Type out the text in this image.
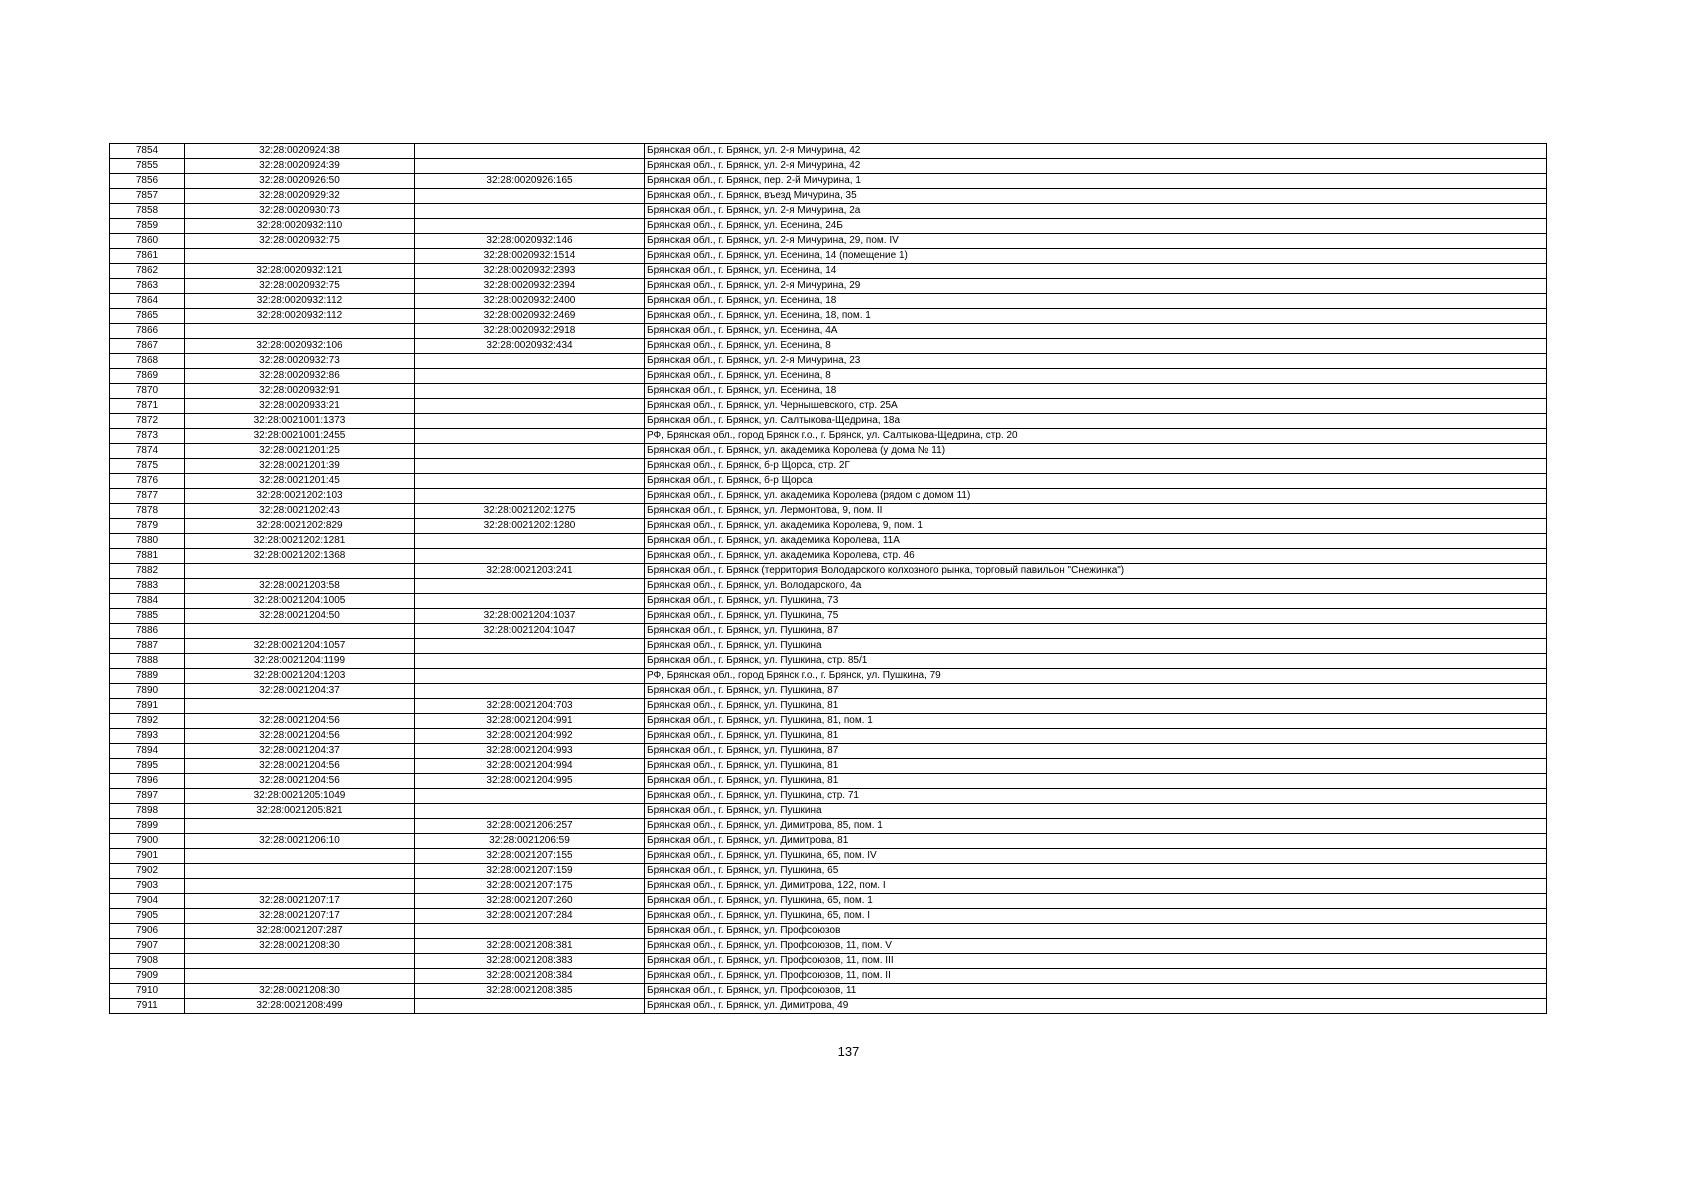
7854	32:28:0020924:38		Брянская обл., г. Брянск, ул. 2-я Мичурина, 42
7855	32:28:0020924:39		Брянская обл., г. Брянск, ул. 2-я Мичурина, 42
7856	32:28:0020926:50	32:28:0020926:165	Брянская обл., г. Брянск, пер. 2-й Мичурина, 1
7857	32:28:0020929:32		Брянская обл., г. Брянск, въезд Мичурина, 35
7858	32:28:0020930:73		Брянская обл., г. Брянск, ул. 2-я Мичурина, 2а
7859	32:28:0020932:110		Брянская обл., г. Брянск, ул. Есенина, 24Б
7860	32:28:0020932:75	32:28:0020932:146	Брянская обл., г. Брянск, ул. 2-я Мичурина, 29, пом. IV
7861		32:28:0020932:1514	Брянская обл., г. Брянск, ул. Есенина, 14 (помещение 1)
7862	32:28:0020932:121	32:28:0020932:2393	Брянская обл., г. Брянск, ул. Есенина, 14
7863	32:28:0020932:75	32:28:0020932:2394	Брянская обл., г. Брянск, ул. 2-я Мичурина, 29
7864	32:28:0020932:112	32:28:0020932:2400	Брянская обл., г. Брянск, ул. Есенина, 18
7865	32:28:0020932:112	32:28:0020932:2469	Брянская обл., г. Брянск, ул. Есенина, 18, пом. 1
7866		32:28:0020932:2918	Брянская обл., г. Брянск, ул. Есенина, 4А
7867	32:28:0020932:106	32:28:0020932:434	Брянская обл., г. Брянск, ул. Есенина, 8
7868	32:28:0020932:73		Брянская обл., г. Брянск, ул. 2-я Мичурина, 23
7869	32:28:0020932:86		Брянская обл., г. Брянск, ул. Есенина, 8
7870	32:28:0020932:91		Брянская обл., г. Брянск, ул. Есенина, 18
7871	32:28:0020933:21		Брянская обл., г. Брянск, ул. Чернышевского, стр. 25А
7872	32:28:0021001:1373		Брянская обл., г. Брянск, ул. Салтыкова-Щедрина, 18а
7873	32:28:0021001:2455		РФ, Брянская обл., город Брянск г.о., г. Брянск, ул. Салтыкова-Щедрина, стр. 20
7874	32:28:0021201:25		Брянская обл., г. Брянск, ул. академика Королева (у дома № 11)
7875	32:28:0021201:39		Брянская обл., г. Брянск, б-р Щорса, стр. 2Г
7876	32:28:0021201:45		Брянская обл., г. Брянск, б-р Щорса
7877	32:28:0021202:103		Брянская обл., г. Брянск, ул. академика Королева (рядом с домом 11)
7878	32:28:0021202:43	32:28:0021202:1275	Брянская обл., г. Брянск, ул. Лермонтова, 9, пом. II
7879	32:28:0021202:829	32:28:0021202:1280	Брянская обл., г. Брянск, ул. академика Королева, 9, пом. 1
7880	32:28:0021202:1281		Брянская обл., г. Брянск, ул. академика Королева, 11А
7881	32:28:0021202:1368		Брянская обл., г. Брянск, ул. академика Королева, стр. 46
7882		32:28:0021203:241	Брянская обл., г. Брянск (территория Володарского колхозного рынка, торговый павильон "Снежинка")
7883	32:28:0021203:58		Брянская обл., г. Брянск, ул. Володарского, 4а
7884	32:28:0021204:1005		Брянская обл., г. Брянск, ул. Пушкина, 73
7885	32:28:0021204:50	32:28:0021204:1037	Брянская обл., г. Брянск, ул. Пушкина, 75
7886		32:28:0021204:1047	Брянская обл., г. Брянск, ул. Пушкина, 87
7887	32:28:0021204:1057		Брянская обл., г. Брянск, ул. Пушкина
7888	32:28:0021204:1199		Брянская обл., г. Брянск, ул. Пушкина, стр. 85/1
7889	32:28:0021204:1203		РФ, Брянская обл., город Брянск г.о., г. Брянск, ул. Пушкина, 79
7890	32:28:0021204:37		Брянская обл., г. Брянск, ул. Пушкина, 87
7891		32:28:0021204:703	Брянская обл., г. Брянск, ул. Пушкина, 81
7892	32:28:0021204:56	32:28:0021204:991	Брянская обл., г. Брянск, ул. Пушкина, 81, пом. 1
7893	32:28:0021204:56	32:28:0021204:992	Брянская обл., г. Брянск, ул. Пушкина, 81
7894	32:28:0021204:37	32:28:0021204:993	Брянская обл., г. Брянск, ул. Пушкина, 87
7895	32:28:0021204:56	32:28:0021204:994	Брянская обл., г. Брянск, ул. Пушкина, 81
7896	32:28:0021204:56	32:28:0021204:995	Брянская обл., г. Брянск, ул. Пушкина, 81
7897	32:28:0021205:1049		Брянская обл., г. Брянск, ул. Пушкина, стр. 71
7898	32:28:0021205:821		Брянская обл., г. Брянск, ул. Пушкина
7899		32:28:0021206:257	Брянская обл., г. Брянск, ул. Димитрова, 85, пом. 1
7900	32:28:0021206:10	32:28:0021206:59	Брянская обл., г. Брянск, ул. Димитрова, 81
7901		32:28:0021207:155	Брянская обл., г. Брянск, ул. Пушкина, 65, пом. IV
7902		32:28:0021207:159	Брянская обл., г. Брянск, ул. Пушкина, 65
7903		32:28:0021207:175	Брянская обл., г. Брянск, ул. Димитрова, 122, пом. I
7904	32:28:0021207:17	32:28:0021207:260	Брянская обл., г. Брянск, ул. Пушкина, 65, пом. 1
7905	32:28:0021207:17	32:28:0021207:284	Брянская обл., г. Брянск, ул. Пушкина, 65, пом. I
7906	32:28:0021207:287		Брянская обл., г. Брянск, ул. Профсоюзов
7907	32:28:0021208:30	32:28:0021208:381	Брянская обл., г. Брянск, ул. Профсоюзов, 11, пом. V
7908		32:28:0021208:383	Брянская обл., г. Брянск, ул. Профсоюзов, 11, пом. III
7909		32:28:0021208:384	Брянская обл., г. Брянск, ул. Профсоюзов, 11, пом. II
7910	32:28:0021208:30	32:28:0021208:385	Брянская обл., г. Брянск, ул. Профсоюзов, 11
7911	32:28:0021208:499		Брянская обл., г. Брянск, ул. Димитрова, 49
137
